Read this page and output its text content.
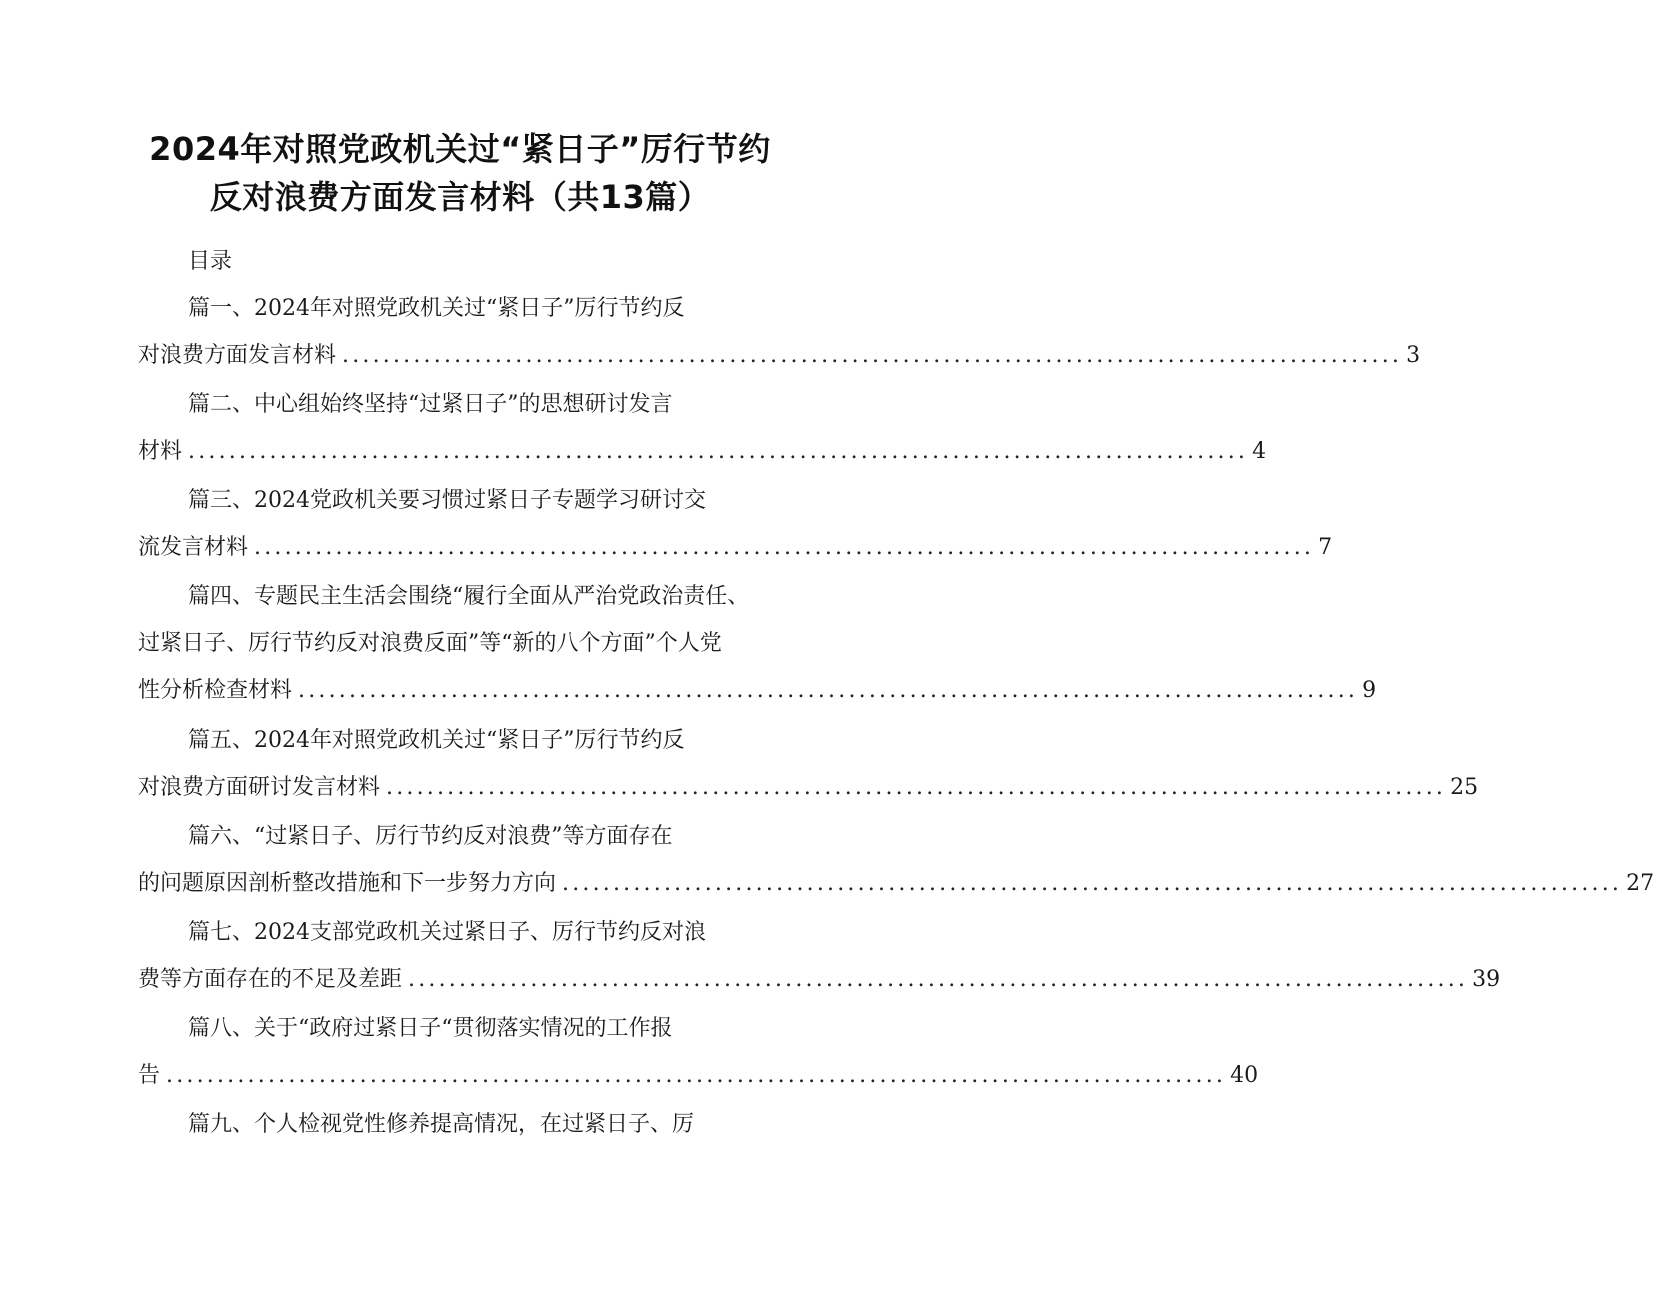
2024年对照党政机关过“紧日子”厉行节约
反对浪费方面发言材料（共13篇）
目录
篇一、2024年对照党政机关过“紧日子”厉行节约反
对浪费方面发言材料 ........................................................................................................ 3
篇二、中心组始终坚持“过紧日子”的思想研讨发言
材料 ........................................................................................................ 4
篇三、2024党政机关要习惯过紧日子专题学习研讨交
流发言材料 ........................................................................................................ 7
篇四、专题民主生活会围绕“履行全面从严治党政治责任、
过紧日子、厉行节约反对浪费反面”等“新的八个方面”个人党
性分析检查材料 ........................................................................................................ 9
篇五、2024年对照党政机关过“紧日子”厉行节约反
对浪费方面研讨发言材料 ........................................................................................................ 25
篇六、“过紧日子、厉行节约反对浪费”等方面存在
的问题原因剖析整改措施和下一步努力方向 ........................................................................................................ 27
篇七、2024支部党政机关过紧日子、厉行节约反对浪
费等方面存在的不足及差距 ........................................................................................................ 39
篇八、关于“政府过紧日子“贯彻落实情况的工作报
告 ........................................................................................................ 40
篇九、个人检视党性修养提高情况，在过紧日子、厉
